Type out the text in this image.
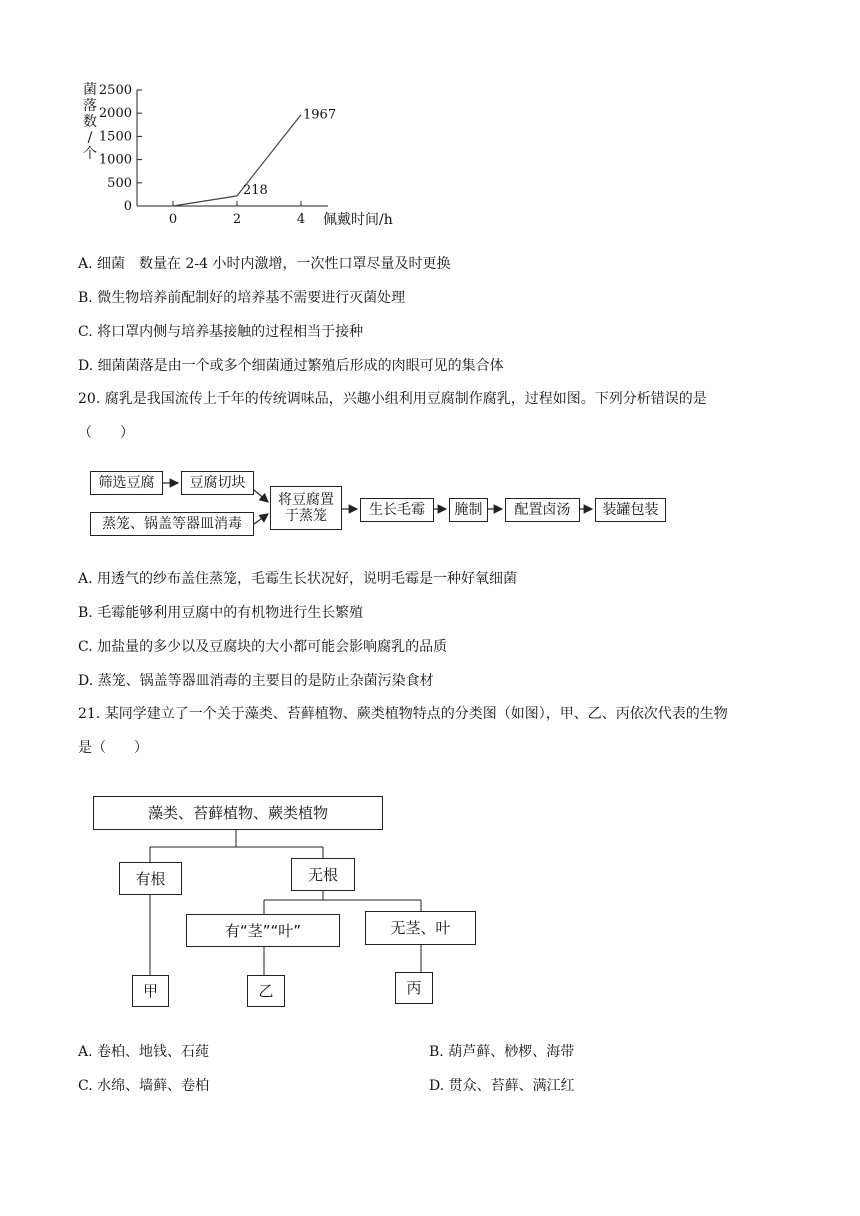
0
500
1000
1500
2000
2500
0	2	4
218
1967
菌
落
数
/
个
佩戴时间/h
A. 细菌　数量在 2-4 小时内激增，一次性口罩尽量及时更换
B. 微生物培养前配制好的培养基不需要进行灭菌处理
C. 将口罩内侧与培养基接触的过程相当于接种
D. 细菌菌落是由一个或多个细菌通过繁殖后形成的肉眼可见的集合体
20. 腐乳是我国流传上千年的传统调味品，兴趣小组利用豆腐制作腐乳，过程如图。下列分析错误的是
（　　）
筛选豆腐	豆腐切块
蒸笼、锅盖等器皿消毒
将豆腐置
于蒸笼	生长毛霉	腌制	配置卤汤	装罐包装
A. 用透气的纱布盖住蒸笼，毛霉生长状况好，说明毛霉是一种好氧细菌
B. 毛霉能够利用豆腐中的有机物进行生长繁殖
C. 加盐量的多少以及豆腐块的大小都可能会影响腐乳的品质
D. 蒸笼、锅盖等器皿消毒的主要目的是防止杂菌污染食材
21. 某同学建立了一个关于藻类、苔藓植物、蕨类植物特点的分类图（如图），甲、乙、丙依次代表的生物
是（　　）
藻类、苔藓植物、蕨类植物
有根	无根
有“茎”“叶”	无茎、叶
甲	乙	丙
A. 卷柏、地钱、石莼	B. 葫芦藓、桫椤、海带
C. 水绵、墙藓、卷柏	D. 贯众、苔藓、满江红
